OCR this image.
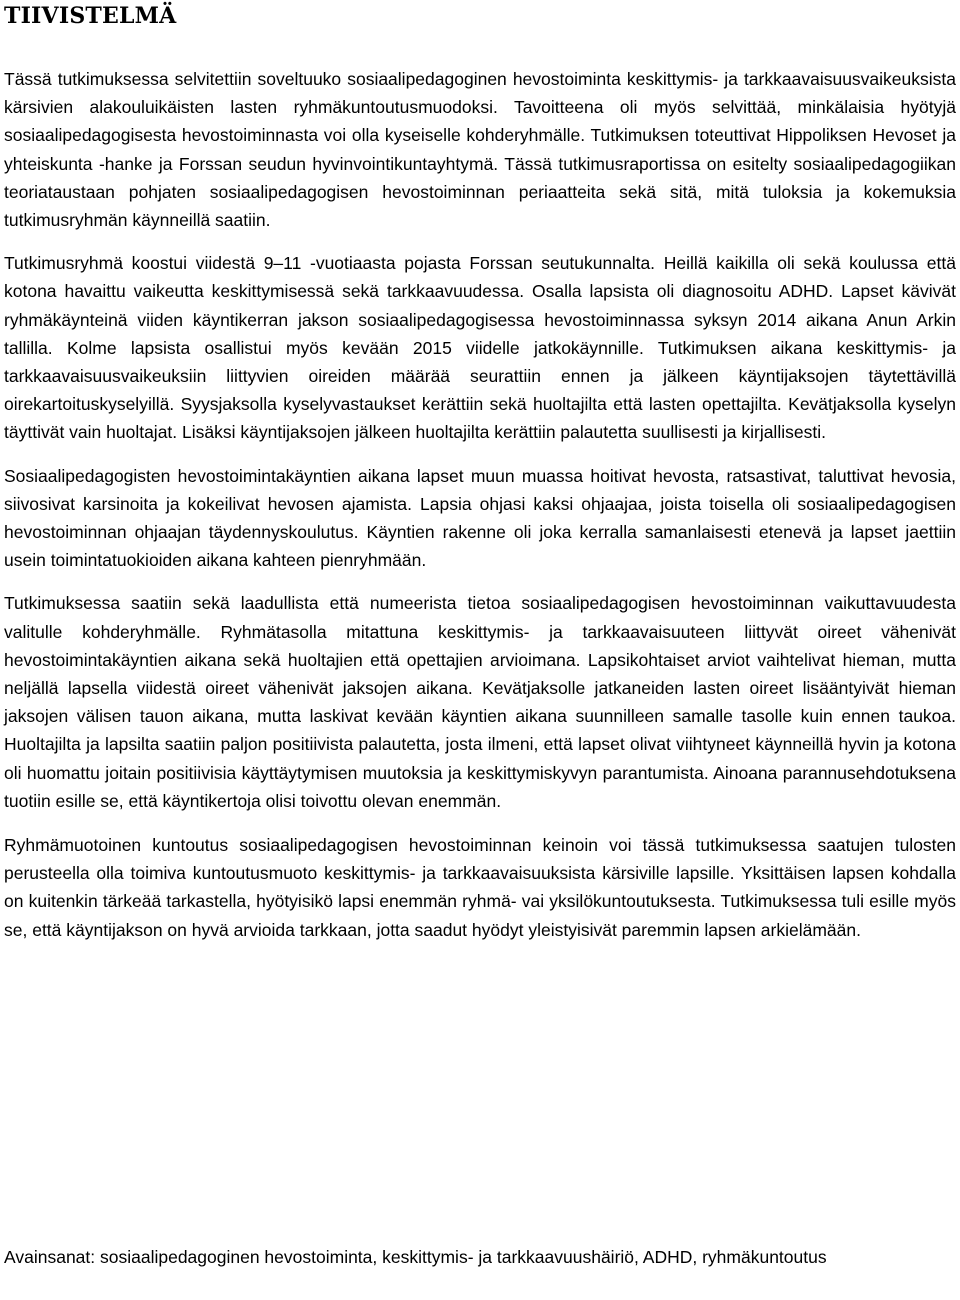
TIIVISTELMÄ

Tässä tutkimuksessa selvitettiin soveltuuko sosiaalipedagoginen hevostoiminta keskittymis- ja tarkkaavaisuusvaikeuksista kärsivien alakouluikäisten lasten ryhmäkuntoutusmuodoksi. Tavoitteena oli myös selvittää, minkälaisia hyötyjä sosiaalipedagogisesta hevostoiminnasta voi olla kyseiselle kohderyhmälle. Tutkimuksen toteuttivat Hippoliksen Hevoset ja yhteiskunta -hanke ja Forssan seudun hyvinvointikuntayhtymä. Tässä tutkimusraportissa on esitelty sosiaalipedagogiikan teoriataustaan pohjaten sosiaalipedagogisen hevostoiminnan periaatteita sekä sitä, mitä tuloksia ja kokemuksia tutkimusryhmän käynneillä saatiin.

Tutkimusryhmä koostui viidestä 9–11 -vuotiaasta pojasta Forssan seutukunnalta. Heillä kaikilla oli sekä koulussa että kotona havaittu vaikeutta keskittymisessä sekä tarkkaavuudessa. Osalla lapsista oli diagnosoitu ADHD. Lapset kävivät ryhmäkäynteinä viiden käyntikerran jakson sosiaalipedagogisessa hevostoiminnassa syksyn 2014 aikana Anun Arkin tallilla. Kolme lapsista osallistui myös kevään 2015 viidelle jatkokäynnille. Tutkimuksen aikana keskittymis- ja tarkkaavaisuusvaikeuksiin liittyvien oireiden määrää seurattiin ennen ja jälkeen käyntijaksojen täytettävillä oirekartoituskyselyillä. Syysjaksolla kyselyvastaukset kerättiin sekä huoltajilta että lasten opettajilta. Kevätjaksolla kyselyn täyttivät vain huoltajat. Lisäksi käyntijaksojen jälkeen huoltajilta kerättiin palautetta suullisesti ja kirjallisesti.

Sosiaalipedagogisten hevostoimintakäyntien aikana lapset muun muassa hoitivat hevosta, ratsastivat, taluttivat hevosia, siivosivat karsinoita ja kokeilivat hevosen ajamista. Lapsia ohjasi kaksi ohjaajaa, joista toisella oli sosiaalipedagogisen hevostoiminnan ohjaajan täydennyskoulutus. Käyntien rakenne oli joka kerralla samanlaisesti etenevä ja lapset jaettiin usein toimintatuokioiden aikana kahteen pienryhmään.

Tutkimuksessa saatiin sekä laadullista että numeerista tietoa sosiaalipedagogisen hevostoiminnan vaikuttavuudesta valitulle kohderyhmälle. Ryhmätasolla mitattuna keskittymis- ja tarkkaavaisuuteen liittyvät oireet vähenivät hevostoimintakäyntien aikana sekä huoltajien että opettajien arvioimana. Lapsikohtaiset arviot vaihtelivat hieman, mutta neljällä lapsella viidestä oireet vähenivät jaksojen aikana. Kevätjaksolle jatkaneiden lasten oireet lisääntyivät hieman jaksojen välisen tauon aikana, mutta laskivat kevään käyntien aikana suunnilleen samalle tasolle kuin ennen taukoa. Huoltajilta ja lapsilta saatiin paljon positiivista palautetta, josta ilmeni, että lapset olivat viihtyneet käynneillä hyvin ja kotona oli huomattu joitain positiivisia käyttäytymisen muutoksia ja keskittymiskyvyn parantumista. Ainoana parannusehdotuksena tuotiin esille se, että käyntikertoja olisi toivottu olevan enemmän.

Ryhmämuotoinen kuntoutus sosiaalipedagogisen hevostoiminnan keinoin voi tässä tutkimuksessa saatujen tulosten perusteella olla toimiva kuntoutusmuoto keskittymis- ja tarkkaavaisuuksista kärsiville lapsille. Yksittäisen lapsen kohdalla on kuitenkin tärkeää tarkastella, hyötyisikö lapsi enemmän ryhmä- vai yksilökuntoutuksesta. Tutkimuksessa tuli esille myös se, että käyntijakson on hyvä arvioida tarkkaan, jotta saadut hyödyt yleistyisivät paremmin lapsen arkielämään.

Avainsanat: sosiaalipedagoginen hevostoiminta, keskittymis- ja tarkkaavuushäiriö, ADHD, ryhmäkuntoutus
